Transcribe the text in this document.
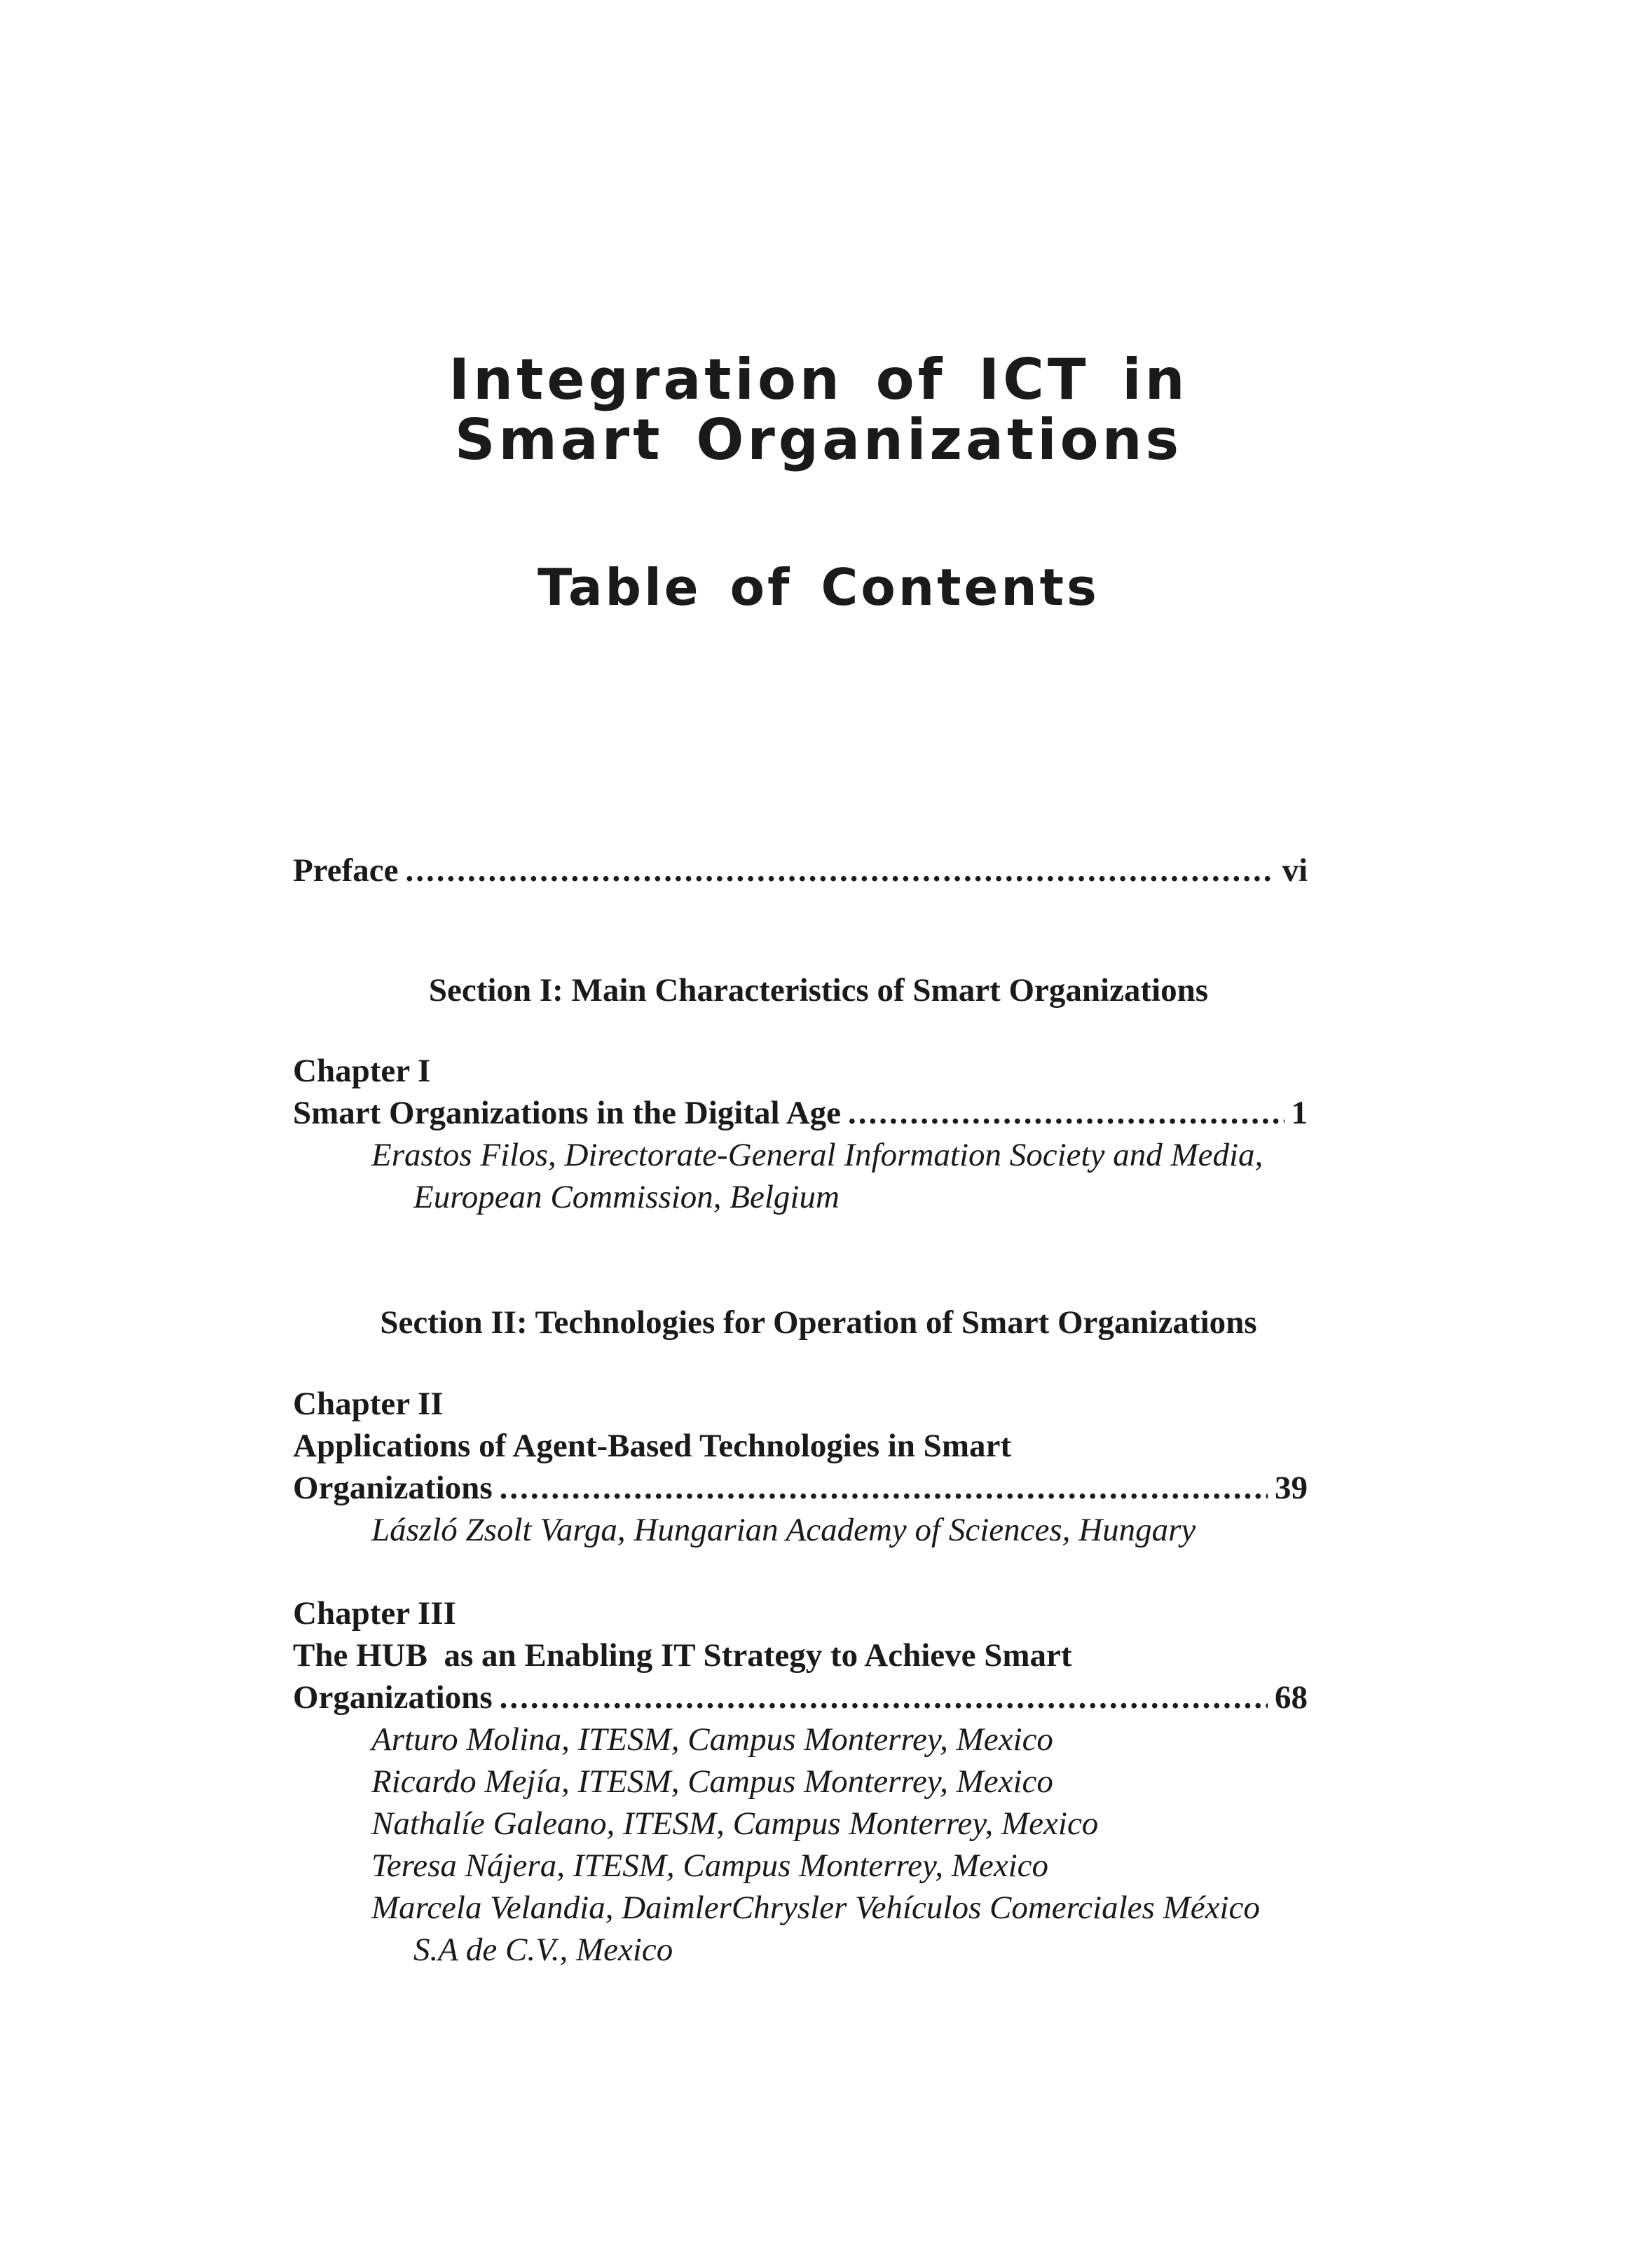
Integration of ICT in
Smart Organizations
Table of Contents
Preface .....	vi
Section I: Main Characteristics of Smart Organizations
Chapter I
Smart Organizations in the Digital Age .....	1
Erastos Filos, Directorate-General Information Society and Media,
European Commission, Belgium
Section II: Technologies for Operation of Smart Organizations
Chapter II
Applications of Agent-Based Technologies in Smart
Organizations .....	39
László Zsolt Varga, Hungarian Academy of Sciences, Hungary
Chapter III
The HUB  as an Enabling IT Strategy to Achieve Smart
Organizations .....	68
Arturo Molina, ITESM, Campus Monterrey, Mexico
Ricardo Mejía, ITESM, Campus Monterrey, Mexico
Nathalíe Galeano, ITESM, Campus Monterrey, Mexico
Teresa Nájera, ITESM, Campus Monterrey, Mexico
Marcela Velandia, DaimlerChrysler Vehículos Comerciales México
S.A de C.V., Mexico
